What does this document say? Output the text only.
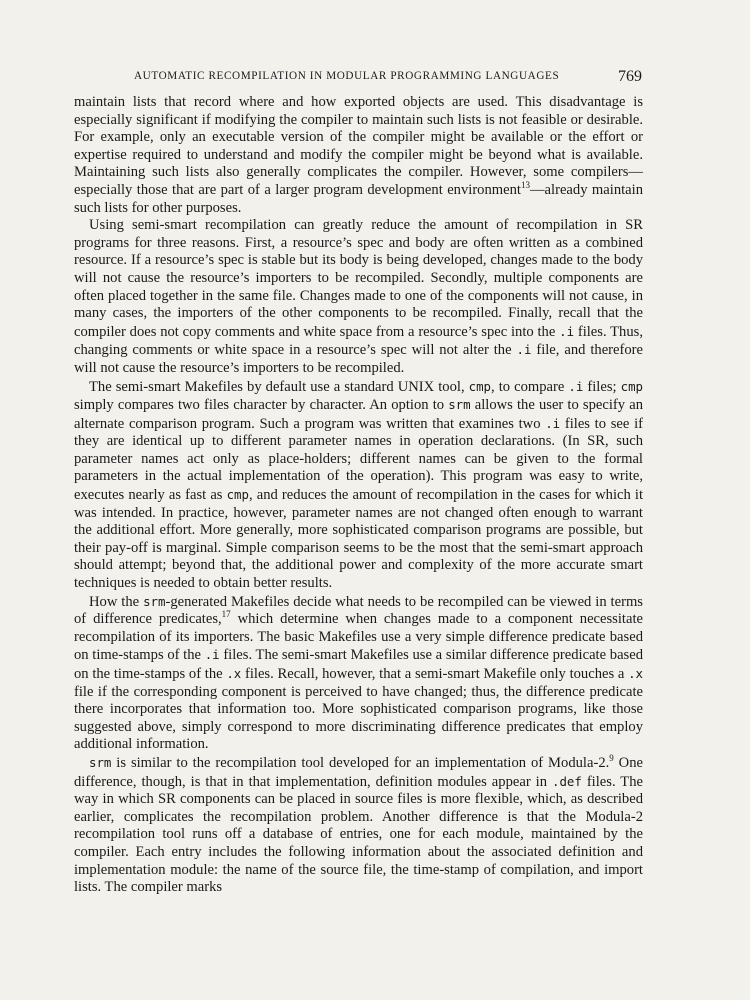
AUTOMATIC RECOMPILATION IN MODULAR PROGRAMMING LANGUAGES	769

maintain lists that record where and how exported objects are used. This disadvantage is especially significant if modifying the compiler to maintain such lists is not feasible or desirable. For example, only an executable version of the compiler might be available or the effort or expertise required to understand and modify the compiler might be beyond what is available. Maintaining such lists also generally complicates the compiler. However, some compilers—especially those that are part of a larger program development environment$^{13}$—already maintain such lists for other purposes.

Using semi-smart recompilation can greatly reduce the amount of recompilation in SR programs for three reasons. First, a resource’s spec and body are often written as a combined resource. If a resource’s spec is stable but its body is being developed, changes made to the body will not cause the resource’s importers to be recompiled. Secondly, multiple components are often placed together in the same file. Changes made to one of the components will not cause, in many cases, the importers of the other components to be recompiled. Finally, recall that the compiler does not copy comments and white space from a resource’s spec into the .i files. Thus, changing comments or white space in a resource’s spec will not alter the .i file, and therefore will not cause the resource’s importers to be recompiled.

The semi-smart Makefiles by default use a standard UNIX tool, cmp, to compare .i files; cmp simply compares two files character by character. An option to srm allows the user to specify an alternate comparison program. Such a program was written that examines two .i files to see if they are identical up to different parameter names in operation declarations. (In SR, such parameter names act only as place-holders; different names can be given to the formal parameters in the actual implementation of the operation). This program was easy to write, executes nearly as fast as cmp, and reduces the amount of recompilation in the cases for which it was intended. In practice, however, parameter names are not changed often enough to warrant the additional effort. More generally, more sophisticated comparison programs are possible, but their pay-off is marginal. Simple comparison seems to be the most that the semi-smart approach should attempt; beyond that, the additional power and complexity of the more accurate smart techniques is needed to obtain better results.

How the srm-generated Makefiles decide what needs to be recompiled can be viewed in terms of difference predicates,$^{17}$ which determine when changes made to a component necessitate recompilation of its importers. The basic Makefiles use a very simple difference predicate based on time-stamps of the .i files. The semi-smart Makefiles use a similar difference predicate based on the time-stamps of the .x files. Recall, however, that a semi-smart Makefile only touches a .x file if the corresponding component is perceived to have changed; thus, the difference predicate there incorporates that information too. More sophisticated comparison programs, like those suggested above, simply correspond to more discriminating difference predicates that employ additional information.

srm is similar to the recompilation tool developed for an implementation of Modula-2.$^9$ One difference, though, is that in that implementation, definition modules appear in .def files. The way in which SR components can be placed in source files is more flexible, which, as described earlier, complicates the recompilation problem. Another difference is that the Modula-2 recompilation tool runs off a database of entries, one for each module, maintained by the compiler. Each entry includes the following information about the associated definition and implementation module: the name of the source file, the time-stamp of compilation, and import lists. The compiler marks
